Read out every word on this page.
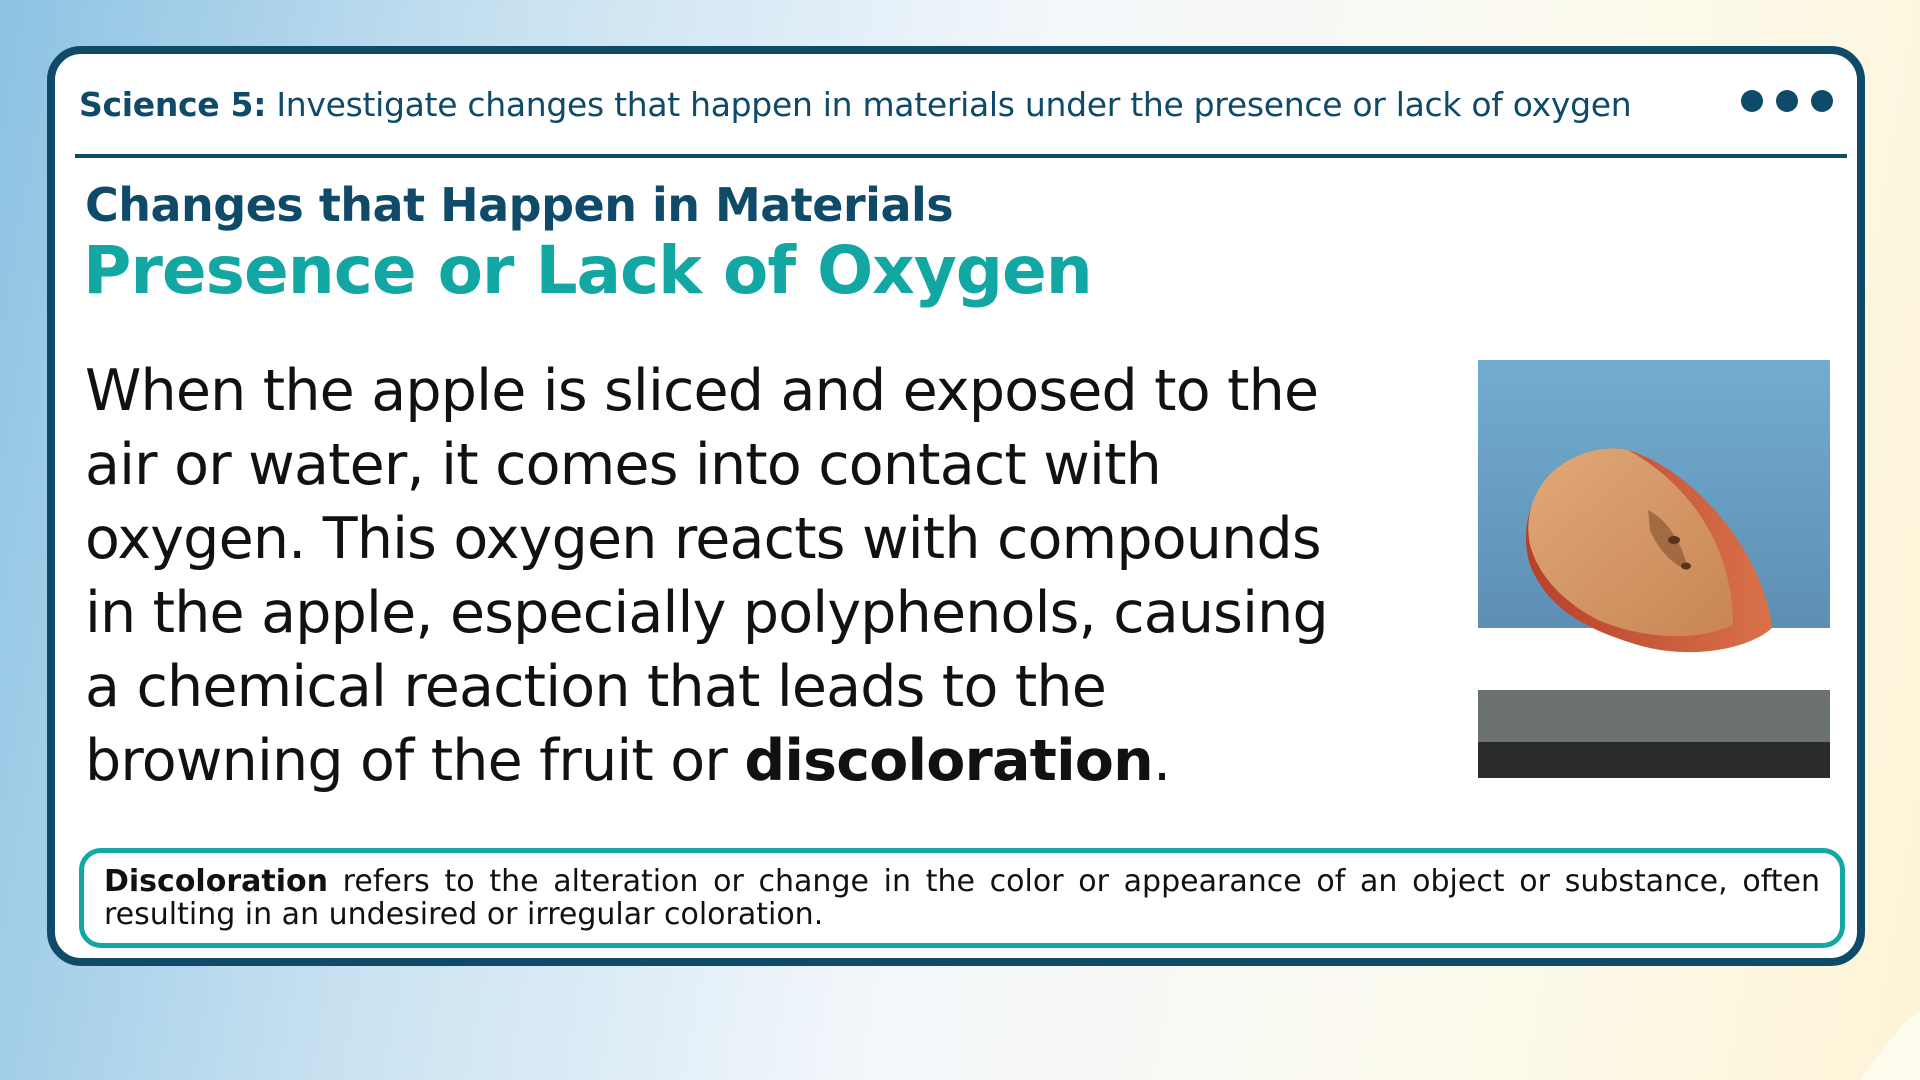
Science 5: Investigate changes that happen in materials under the presence or lack of oxygen
Changes that Happen in Materials
Presence or Lack of Oxygen
When the apple is sliced and exposed to the
air or water, it comes into contact with
oxygen. This oxygen reacts with compounds
in the apple, especially polyphenols, causing
a chemical reaction that leads to the
browning of the fruit or discoloration.
Discoloration refers to the alteration or change in the color or appearance of an object or substance, often resulting in an undesired or irregular coloration.
